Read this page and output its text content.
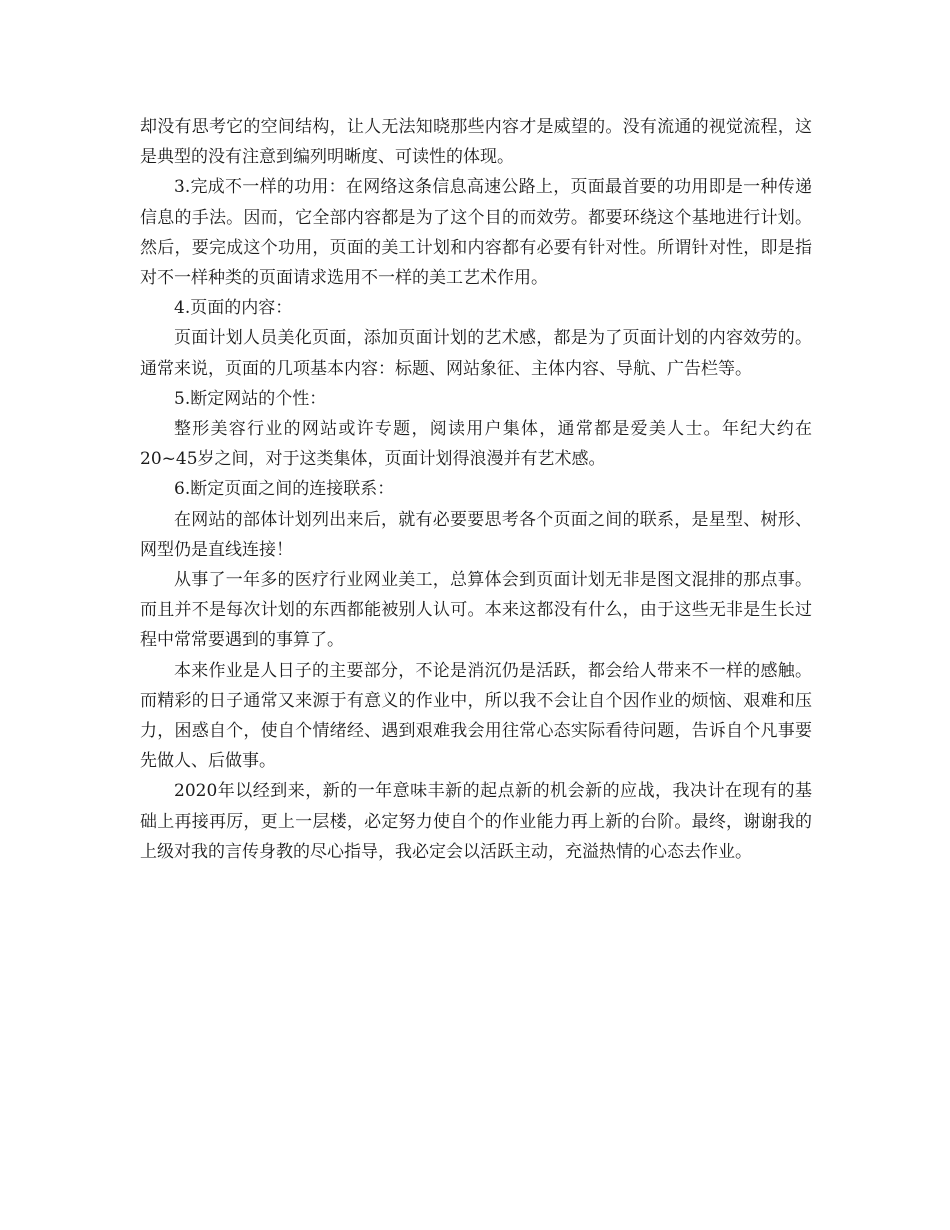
却没有思考它的空间结构，让人无法知晓那些内容才是威望的。没有流通的视觉流程，这是典型的没有注意到编列明晰度、可读性的体现。

3.完成不一样的功用：在网络这条信息高速公路上，页面最首要的功用即是一种传递信息的手法。因而，它全部内容都是为了这个目的而效劳。都要环绕这个基地进行计划。然后，要完成这个功用，页面的美工计划和内容都有必要有针对性。所谓针对性，即是指对不一样种类的页面请求选用不一样的美工艺术作用。

4.页面的内容：

页面计划人员美化页面，添加页面计划的艺术感，都是为了页面计划的内容效劳的。通常来说，页面的几项基本内容：标题、网站象征、主体内容、导航、广告栏等。

5.断定网站的个性：

整形美容行业的网站或许专题，阅读用户集体，通常都是爱美人士。年纪大约在20~45岁之间，对于这类集体，页面计划得浪漫并有艺术感。

6.断定页面之间的连接联系：

在网站的部体计划列出来后，就有必要要思考各个页面之间的联系，是星型、树形、网型仍是直线连接！

从事了一年多的医疗行业网业美工，总算体会到页面计划无非是图文混排的那点事。而且并不是每次计划的东西都能被别人认可。本来这都没有什么，由于这些无非是生长过程中常常要遇到的事算了。

本来作业是人日子的主要部分，不论是消沉仍是活跃，都会给人带来不一样的感触。而精彩的日子通常又来源于有意义的作业中，所以我不会让自个因作业的烦恼、艰难和压力，困惑自个，使自个情绪经、遇到艰难我会用往常心态实际看待问题，告诉自个凡事要先做人、后做事。

2020年以经到来，新的一年意味丰新的起点新的机会新的应战，我决计在现有的基础上再接再厉，更上一层楼，必定努力使自个的作业能力再上新的台阶。最终，谢谢我的上级对我的言传身教的尽心指导，我必定会以活跃主动，充溢热情的心态去作业。
